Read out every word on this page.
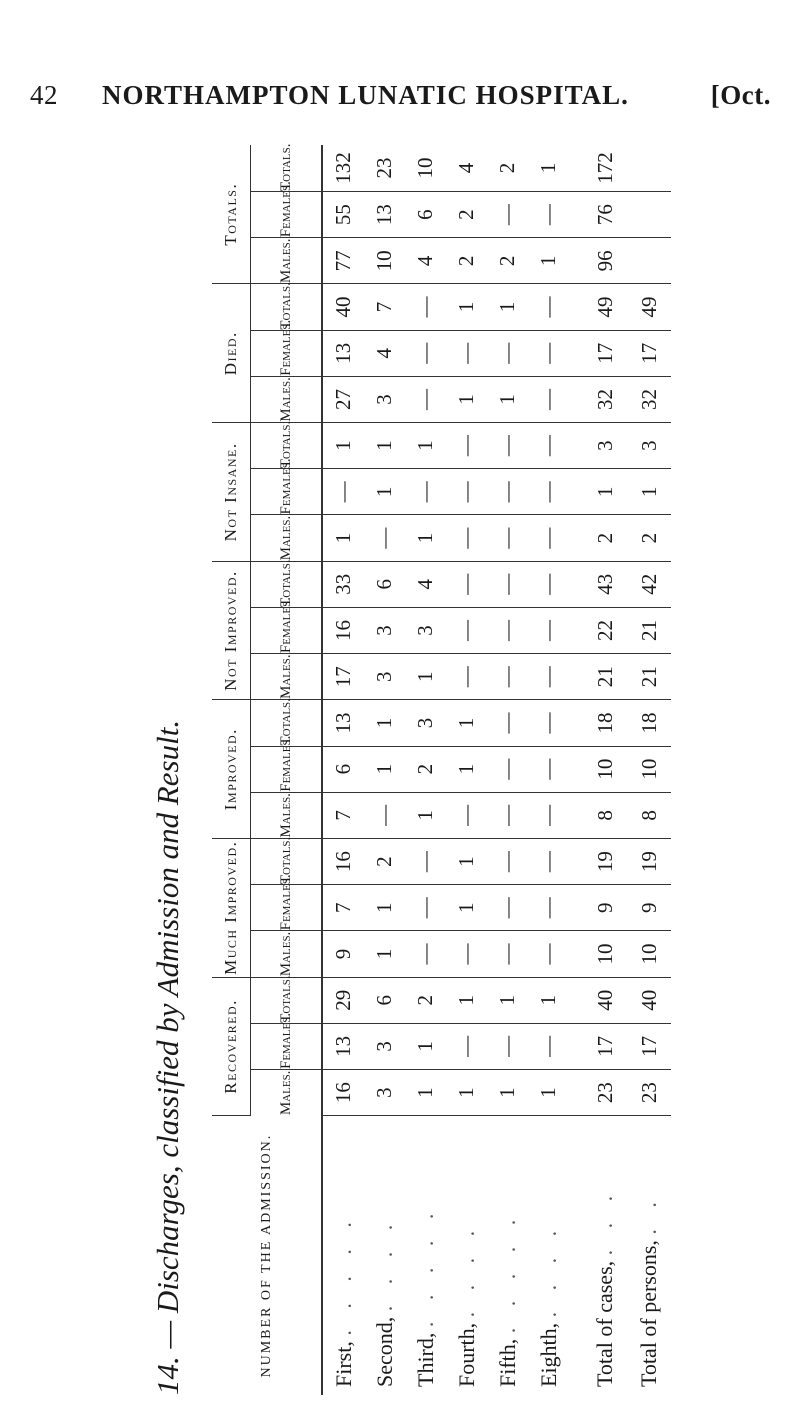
42 NORTHAMPTON LUNATIC HOSPITAL.	[Oct.
14. — Discharges, classified by Admission and Result.	NUMBER OF THE ADMISSION.	Recovered.			Much Improved.			Improved.			Not Improved.			Not Insane.			Died.			Totals.		
	Males.	Females.	Totals.	Males.	Females.	Totals.	Males.	Females.	Totals.	Males.	Females.	Totals.	Males.	Females.	Totals.	Males.	Females.	Totals.	Males.	Females.	Totals.
First, . . . . .	16	13	29	9	7	16	7	6	13	17	16	33	1	—	1	27	13	40	77	55	132
Second, . . . .	3	3	6	1	1	2	—	1	1	3	3	6	—	1	1	3	4	7	10	13	23
Third, . . . . .	1	1	2	—	—	—	1	2	3	1	3	4	1	—	1	—	—	—	4	6	10
Fourth, . . . .	1	—	1	—	1	1	—	1	1	—	—	—	—	—	—	1	—	1	2	2	4
Fifth, . . . . .	1	—	1	—	—	—	—	—	—	—	—	—	—	—	—	1	—	1	2	—	2
Eighth, . . . .	1	—	1	—	—	—	—	—	—	—	—	—	—	—	—	—	—	—	1	—	1
Total of cases, . . .	23	17	40	10	9	19	8	10	18	21	22	43	2	1	3	32	17	49	96	76	172
Total of persons, . .	23	17	40	10	9	19	8	10	18	21	21	42	2	1	3	32	17	49			
